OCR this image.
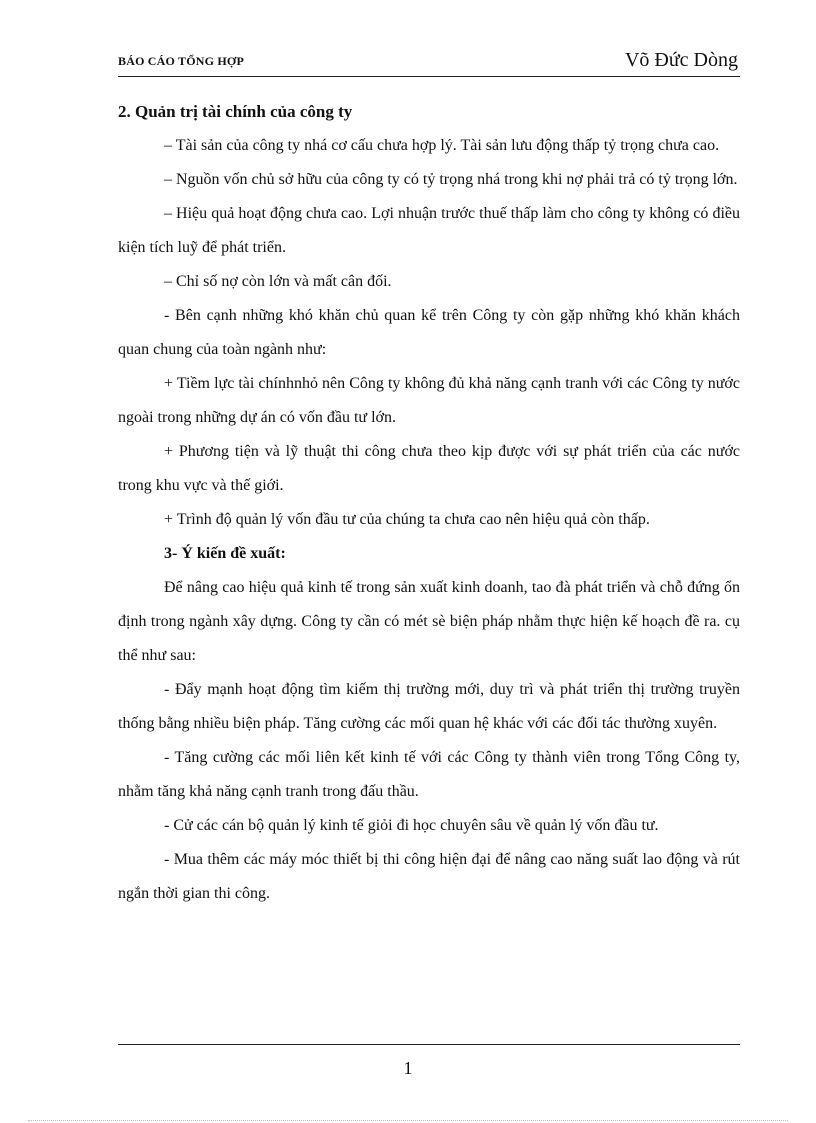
BÁO CÁO TỔNG HỢP	Võ Đức Dòng
2. Quản trị tài chính của công ty

– Tài sản của công ty nhá cơ cấu chưa hợp lý. Tài sản lưu động thấp tỷ trọng chưa cao.

– Nguồn vốn chủ sở hữu của công ty có tỷ trọng nhá trong khi nợ phải trả có tỷ trọng lớn.

– Hiệu quả hoạt động chưa cao. Lợi nhuận trước thuế thấp làm cho công ty không có điều kiện tích luỹ để phát triển.

– Chỉ số nợ còn lớn và mất cân đối.

- Bên cạnh những khó khăn chủ quan kể trên Công ty còn gặp những khó khăn khách quan chung của toàn ngành như:

+ Tiềm lực tài chínhnhỏ nên Công ty không đủ khả năng cạnh tranh với các Công ty nước ngoài trong những dự án có vốn đầu tư lớn.

+ Phương tiện và lỹ thuật thi công chưa theo kịp được với sự phát triển của các nước trong khu vực và thế giới.

+ Trình độ quản lý vốn đầu tư của chúng ta chưa cao nên hiệu quả còn thấp.

3- Ý kiến đề xuất:

Để nâng cao hiệu quả kinh tế trong sản xuất kinh doanh, tao đà phát triển và chỗ đứng ổn định trong ngành xây dựng. Công ty cần có mét sè biện pháp nhằm thực hiện kế hoạch đề ra. cụ thể như sau:

- Đẩy mạnh hoạt động tìm kiếm thị trường mới, duy trì và phát triển thị trường truyền thống bằng nhiều biện pháp. Tăng cường các mối quan hệ khác với các đối tác thường xuyên.

- Tăng cường các mối liên kết kinh tế với các Công ty thành viên trong Tổng Công ty, nhằm tăng khả năng cạnh tranh trong đấu thầu.

- Cử các cán bộ quản lý kinh tế giỏi đi học chuyên sâu về quản lý vốn đầu tư.

- Mua thêm các máy móc thiết bị thi công hiện đại để nâng cao năng suất lao động và rút ngắn thời gian thi công.

1
